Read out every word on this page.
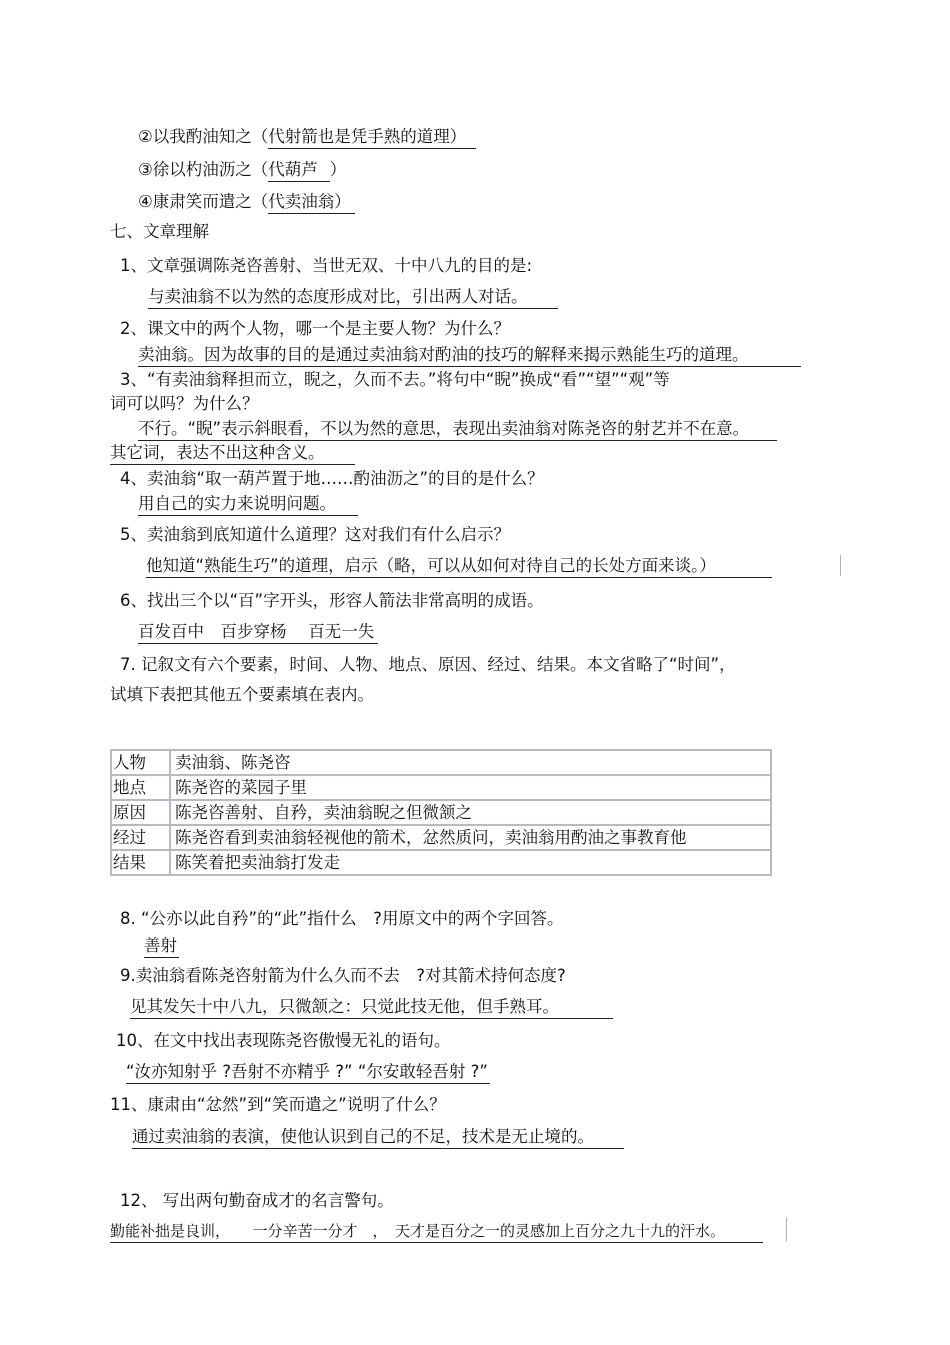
②以我酌油知之（代射箭也是凭手熟的道理）
③徐以杓油沥之（代葫芦 ）
④康肃笑而遣之（代卖油翁）
七、文章理解
1、文章强调陈尧咨善射、当世无双、十中八九的目的是:
与卖油翁不以为然的态度形成对比，引出两人对话。
2、课文中的两个人物，哪一个是主要人物？为什么？
卖油翁。因为故事的目的是通过卖油翁对酌油的技巧的解释来揭示熟能生巧的道理。
3、“有卖油翁释担而立，睨之，久而不去。”将句中“睨”换成“看”“望”“观”等
词可以吗？为什么？
不行。“睨”表示斜眼看，不以为然的意思，表现出卖油翁对陈尧咨的射艺并不在意。
其它词，表达不出这种含义。
4、卖油翁“取一葫芦置于地……酌油沥之”的目的是什么？
用自己的实力来说明问题。
5、卖油翁到底知道什么道理？这对我们有什么启示？
他知道“熟能生巧”的道理，启示（略，可以从如何对待自己的长处方面来谈。）
6、找出三个以“百”字开头，形容人箭法非常高明的成语。
百发百中　百步穿杨　 百无一失
7. 记叙文有六个要素，时间、人物、地点、原因、经过、结果。本文省略了“时间”，
试填下表把其他五个要素填在表内。
人物	卖油翁、陈尧咨
地点	陈尧咨的菜园子里
原因	陈尧咨善射、自矜，卖油翁睨之但微颔之
经过	陈尧咨看到卖油翁轻视他的箭术，忿然质问，卖油翁用酌油之事教育他
结果	陈笑着把卖油翁打发走
8. “公亦以此自矜”的“此”指什么　?用原文中的两个字回答。
善射
9.卖油翁看陈尧咨射箭为什么久而不去　?对其箭术持何态度?
见其发矢十中八九，只微颔之：只觉此技无他，但手熟耳。
10、在文中找出表现陈尧咨傲慢无礼的语句。
“汝亦知射乎 ?吾射不亦精乎 ?” “尔安敢轻吾射 ?”
11、康肃由“忿然”到“笑而遣之”说明了什么？
通过卖油翁的表演，使他认识到自己的不足，技术是无止境的。
12、 写出两句勤奋成才的名言警句。
勤能补拙是良训，　　一分辛苦一分才　，　天才是百分之一的灵感加上百分之九十九的汗水。
